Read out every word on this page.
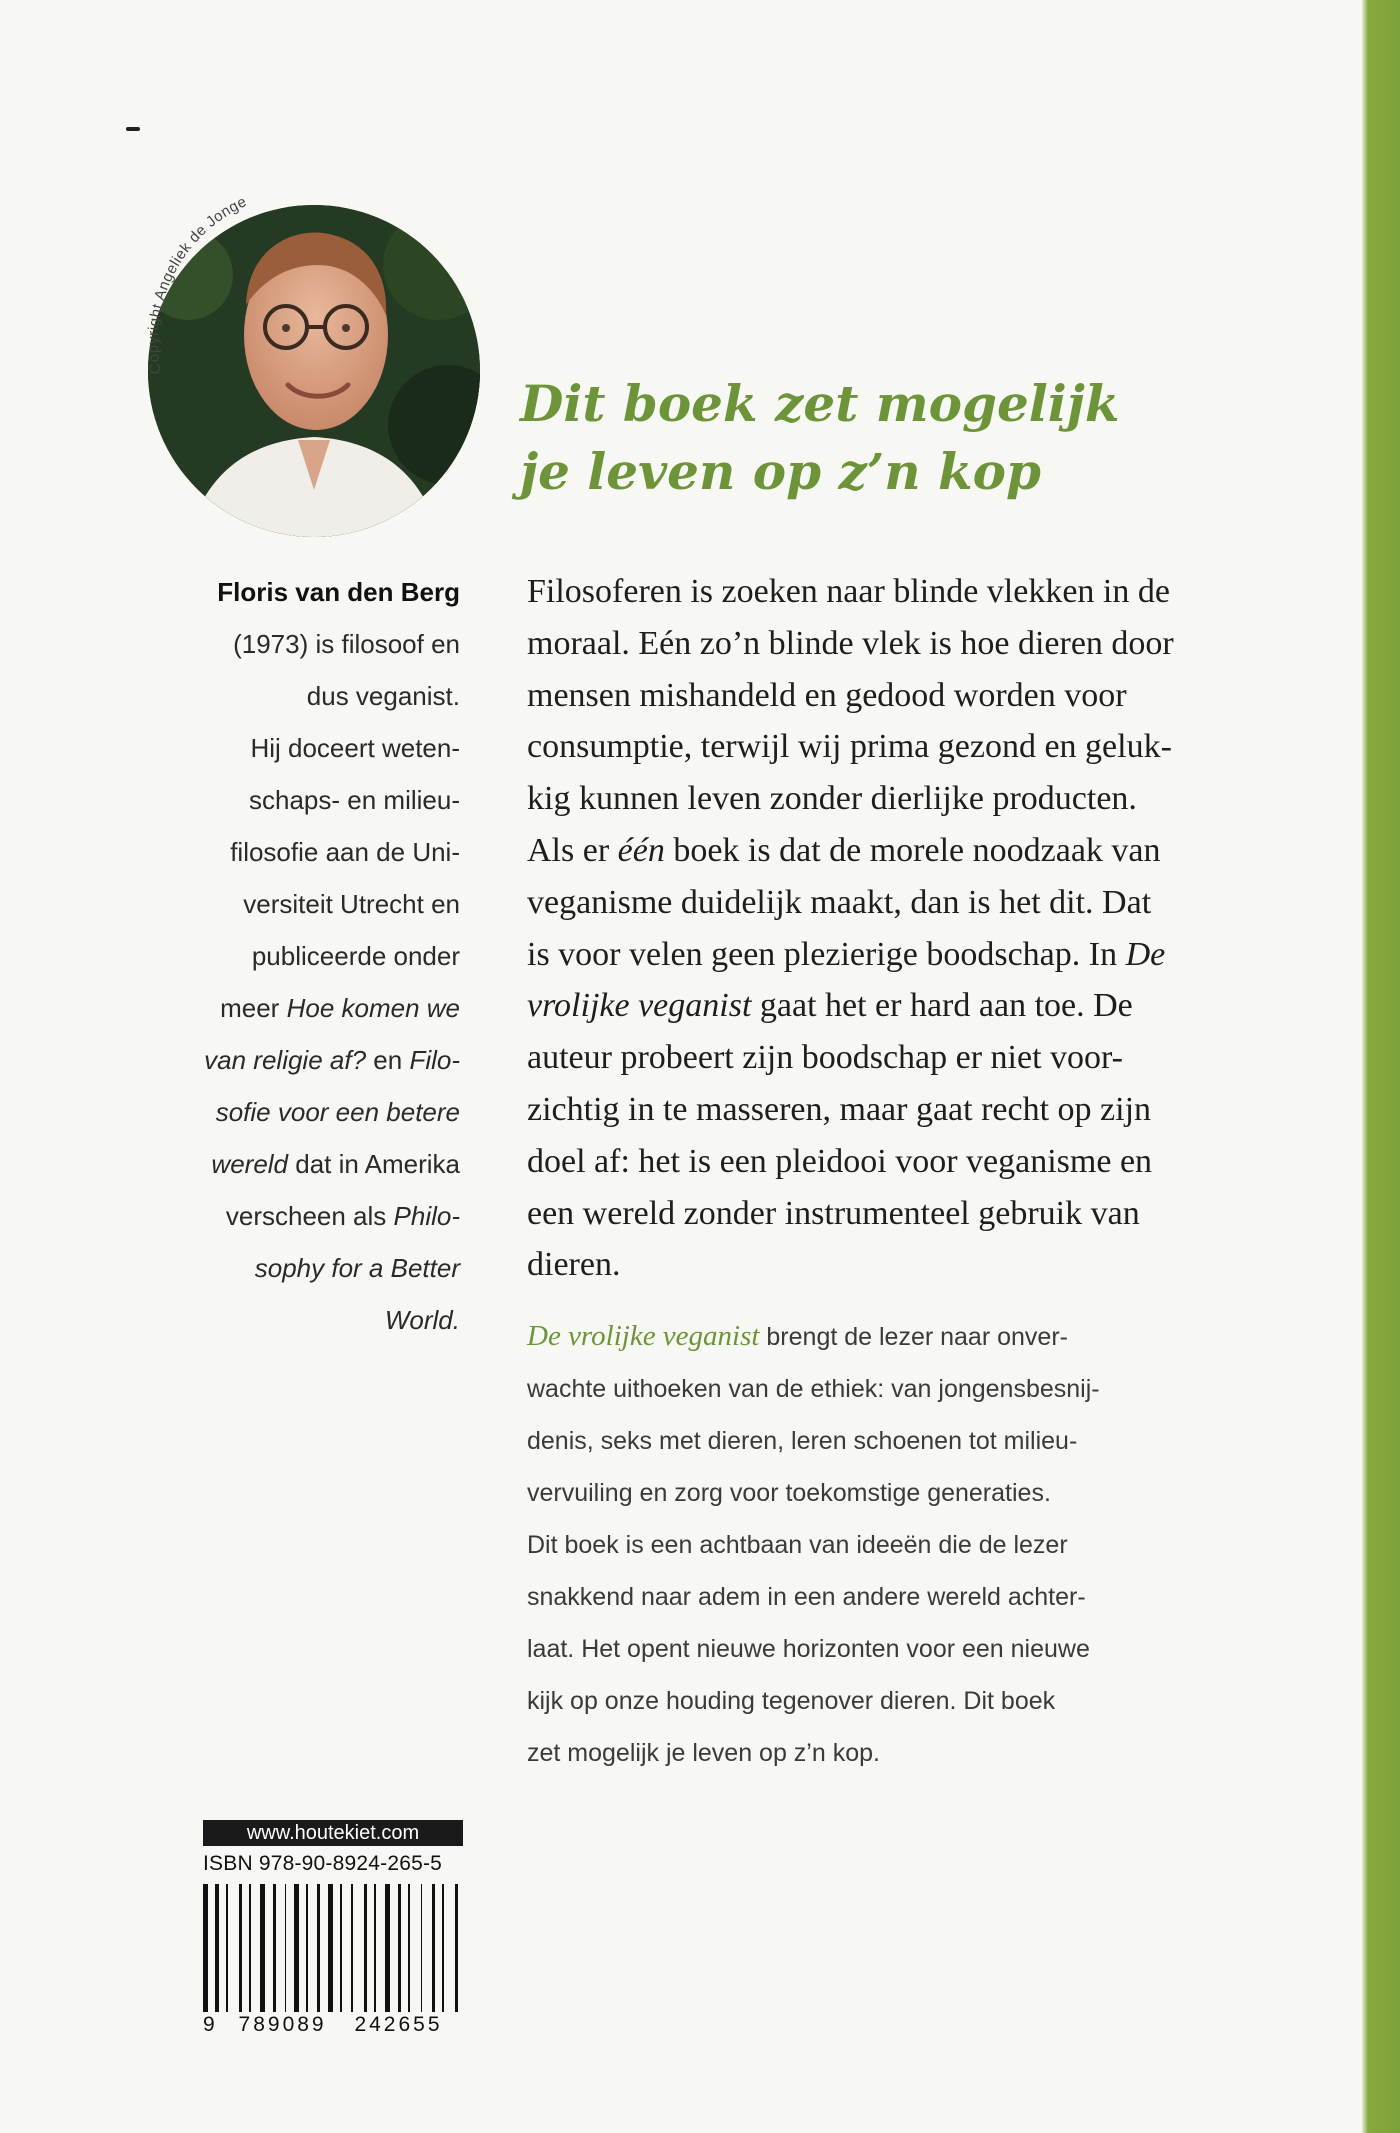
Copyright Angeliek de Jonge
Dit boek zet mogelijk
je leven op z’n kop
Floris van den Berg
(1973) is filosoof en
dus veganist.
Hij doceert weten-
schaps- en milieu-
filosofie aan de Uni-
versiteit Utrecht en
publiceerde onder
meer Hoe komen we
van religie af? en Filo-
sofie voor een betere
wereld dat in Amerika
verscheen als Philo-
sophy for a Better
World.
Filosoferen is zoeken naar blinde vlekken in de
moraal. Eén zo’n blinde vlek is hoe dieren door
mensen mishandeld en gedood worden voor
consumptie, terwijl wij prima gezond en geluk-
kig kunnen leven zonder dierlijke producten.
Als er één boek is dat de morele noodzaak van
veganisme duidelijk maakt, dan is het dit. Dat
is voor velen geen plezierige boodschap. In De
vrolijke veganist gaat het er hard aan toe. De
auteur probeert zijn boodschap er niet voor-
zichtig in te masseren, maar gaat recht op zijn
doel af: het is een pleidooi voor veganisme en
een wereld zonder instrumenteel gebruik van
dieren.
De vrolijke veganist brengt de lezer naar onver-
wachte uithoeken van de ethiek: van jongensbesnij-
denis, seks met dieren, leren schoenen tot milieu-
vervuiling en zorg voor toekomstige generaties.
Dit boek is een achtbaan van ideeën die de lezer
snakkend naar adem in een andere wereld achter-
laat. Het opent nieuwe horizonten voor een nieuwe
kijk op onze houding tegenover dieren. Dit boek
zet mogelijk je leven op z’n kop.
www.houtekiet.com
ISBN 978-90-8924-265-5
9 789089 242655
